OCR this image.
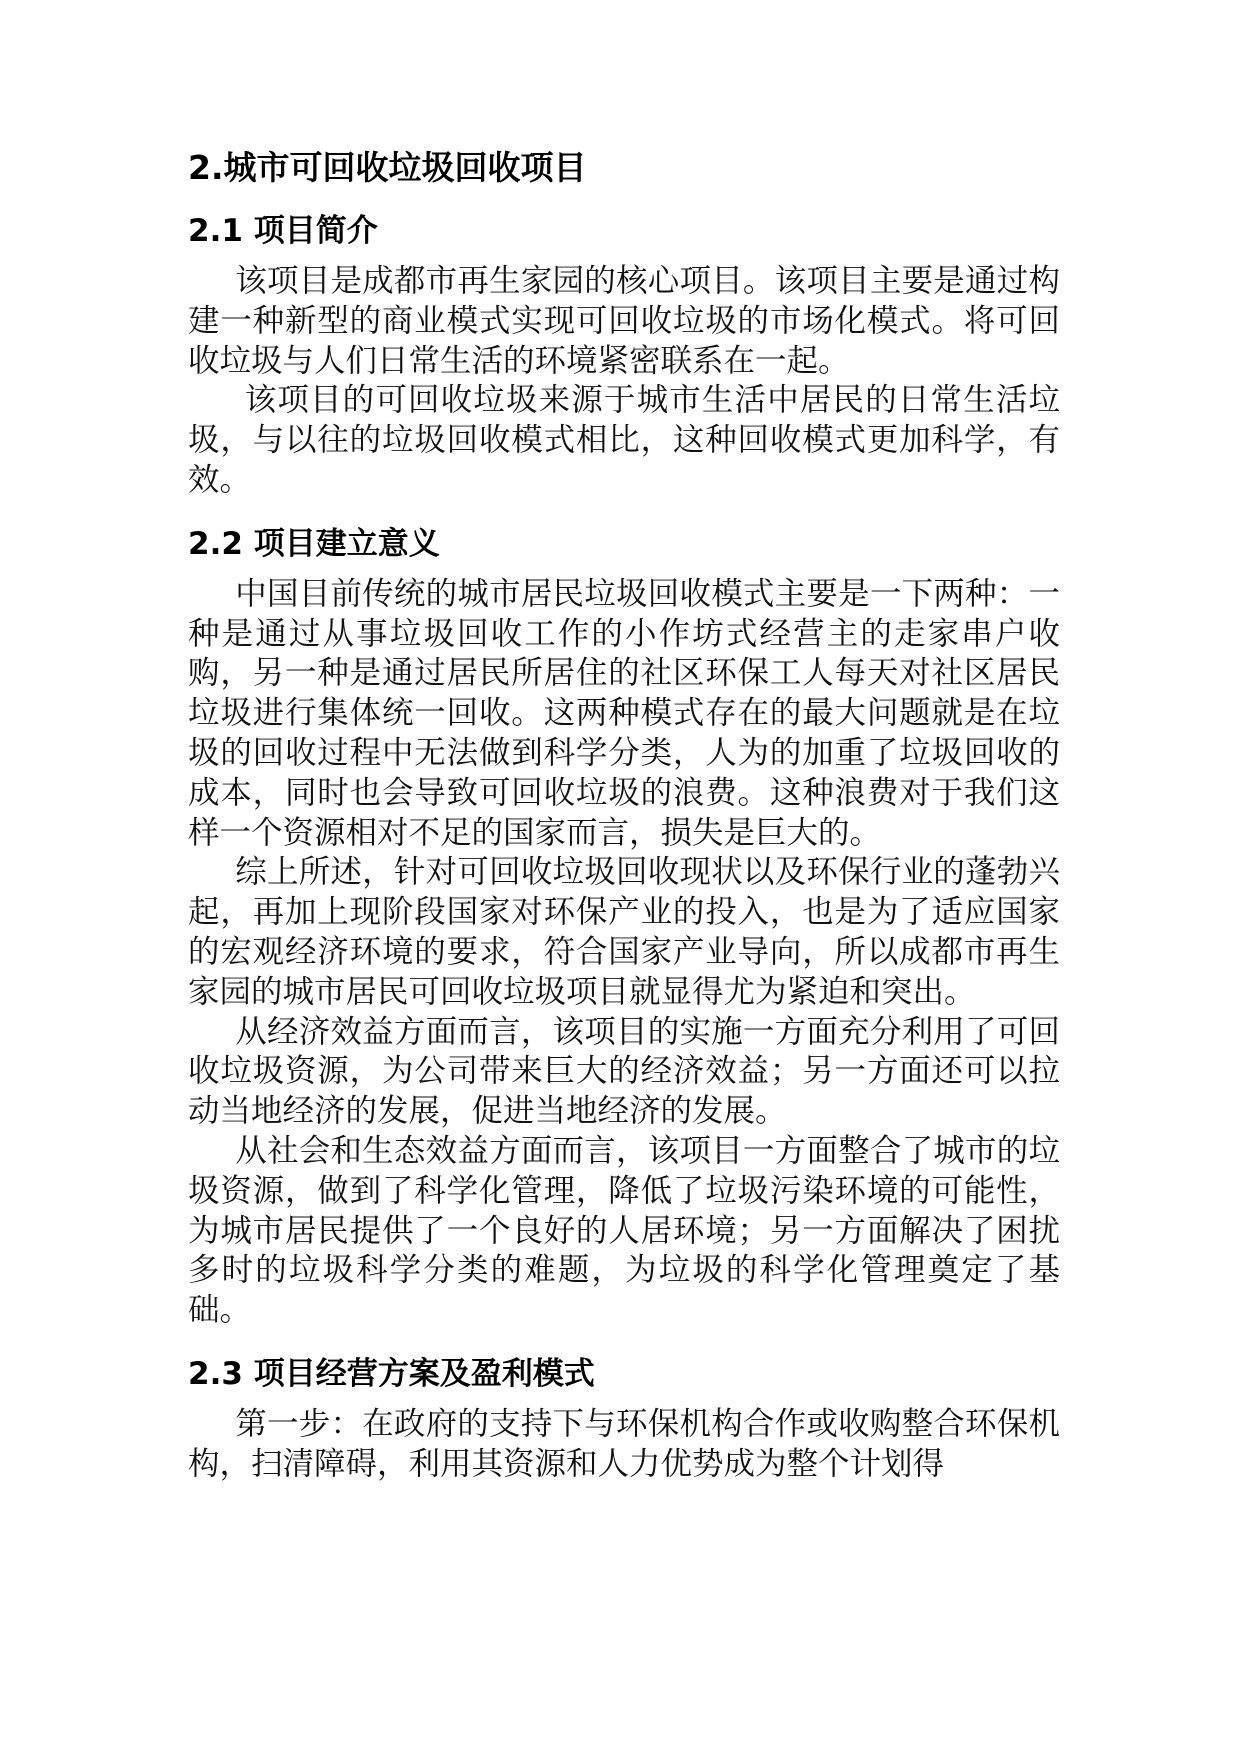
2.城市可回收垃圾回收项目
2.1 项目简介

该项目是成都市再生家园的核心项目。该项目主要是通过构建一种新型的商业模式实现可回收垃圾的市场化模式。将可回收垃圾与人们日常生活的环境紧密联系在一起。

该项目的可回收垃圾来源于城市生活中居民的日常生活垃圾，与以往的垃圾回收模式相比，这种回收模式更加科学，有效。

2.2 项目建立意义

中国目前传统的城市居民垃圾回收模式主要是一下两种：一种是通过从事垃圾回收工作的小作坊式经营主的走家串户收购，另一种是通过居民所居住的社区环保工人每天对社区居民垃圾进行集体统一回收。这两种模式存在的最大问题就是在垃圾的回收过程中无法做到科学分类，人为的加重了垃圾回收的成本，同时也会导致可回收垃圾的浪费。这种浪费对于我们这样一个资源相对不足的国家而言，损失是巨大的。

综上所述，针对可回收垃圾回收现状以及环保行业的蓬勃兴起，再加上现阶段国家对环保产业的投入，也是为了适应国家的宏观经济环境的要求，符合国家产业导向，所以成都市再生家园的城市居民可回收垃圾项目就显得尤为紧迫和突出。

从经济效益方面而言，该项目的实施一方面充分利用了可回收垃圾资源，为公司带来巨大的经济效益；另一方面还可以拉动当地经济的发展，促进当地经济的发展。

从社会和生态效益方面而言，该项目一方面整合了城市的垃圾资源，做到了科学化管理，降低了垃圾污染环境的可能性，为城市居民提供了一个良好的人居环境；另一方面解决了困扰多时的垃圾科学分类的难题，为垃圾的科学化管理奠定了基础。

2.3 项目经营方案及盈利模式

第一步：在政府的支持下与环保机构合作或收购整合环保机构，扫清障碍，利用其资源和人力优势成为整个计划得
